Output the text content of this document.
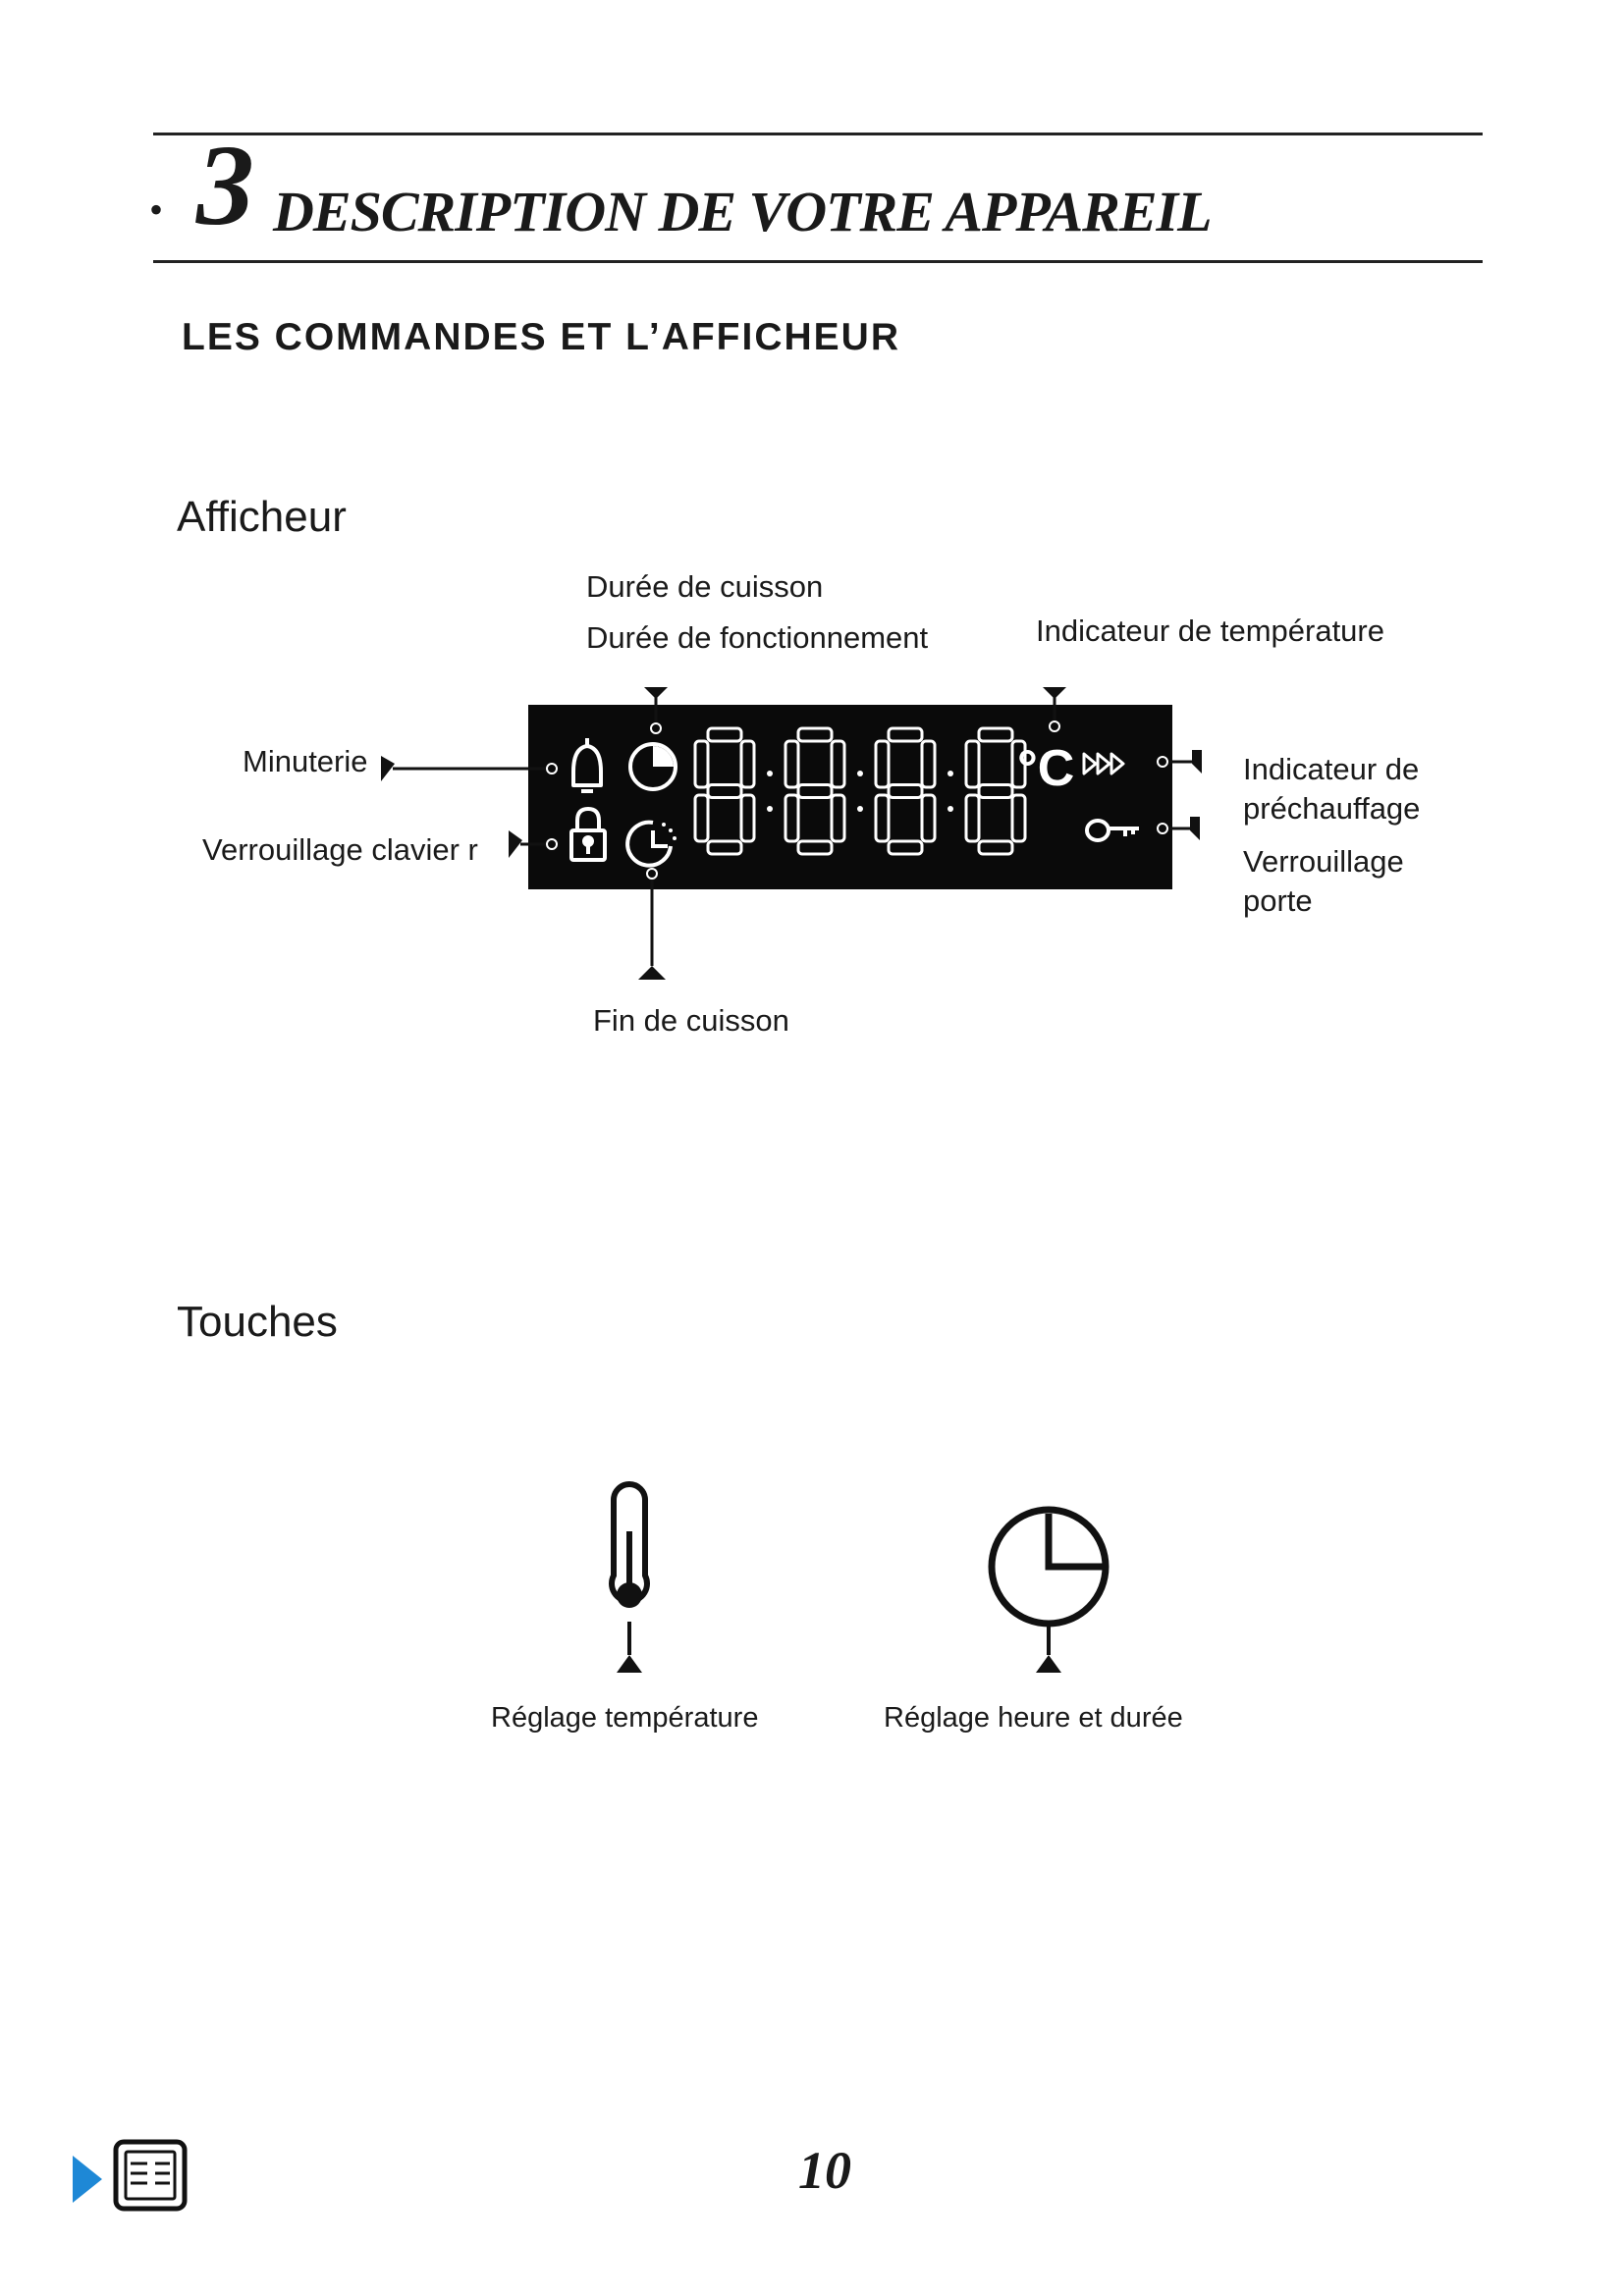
• 3 DESCRIPTION DE VOTRE APPAREIL
LES COMMANDES ET L’AFFICHEUR
Afficheur
Durée de cuisson
Durée de fonctionnement	Indicateur de température
Minuterie
Verrouillage clavier r
Indicateur de
préchauffage
Verrouillage
porte
Fin de cuisson
°C
Touches
Réglage température	Réglage heure et durée
10
